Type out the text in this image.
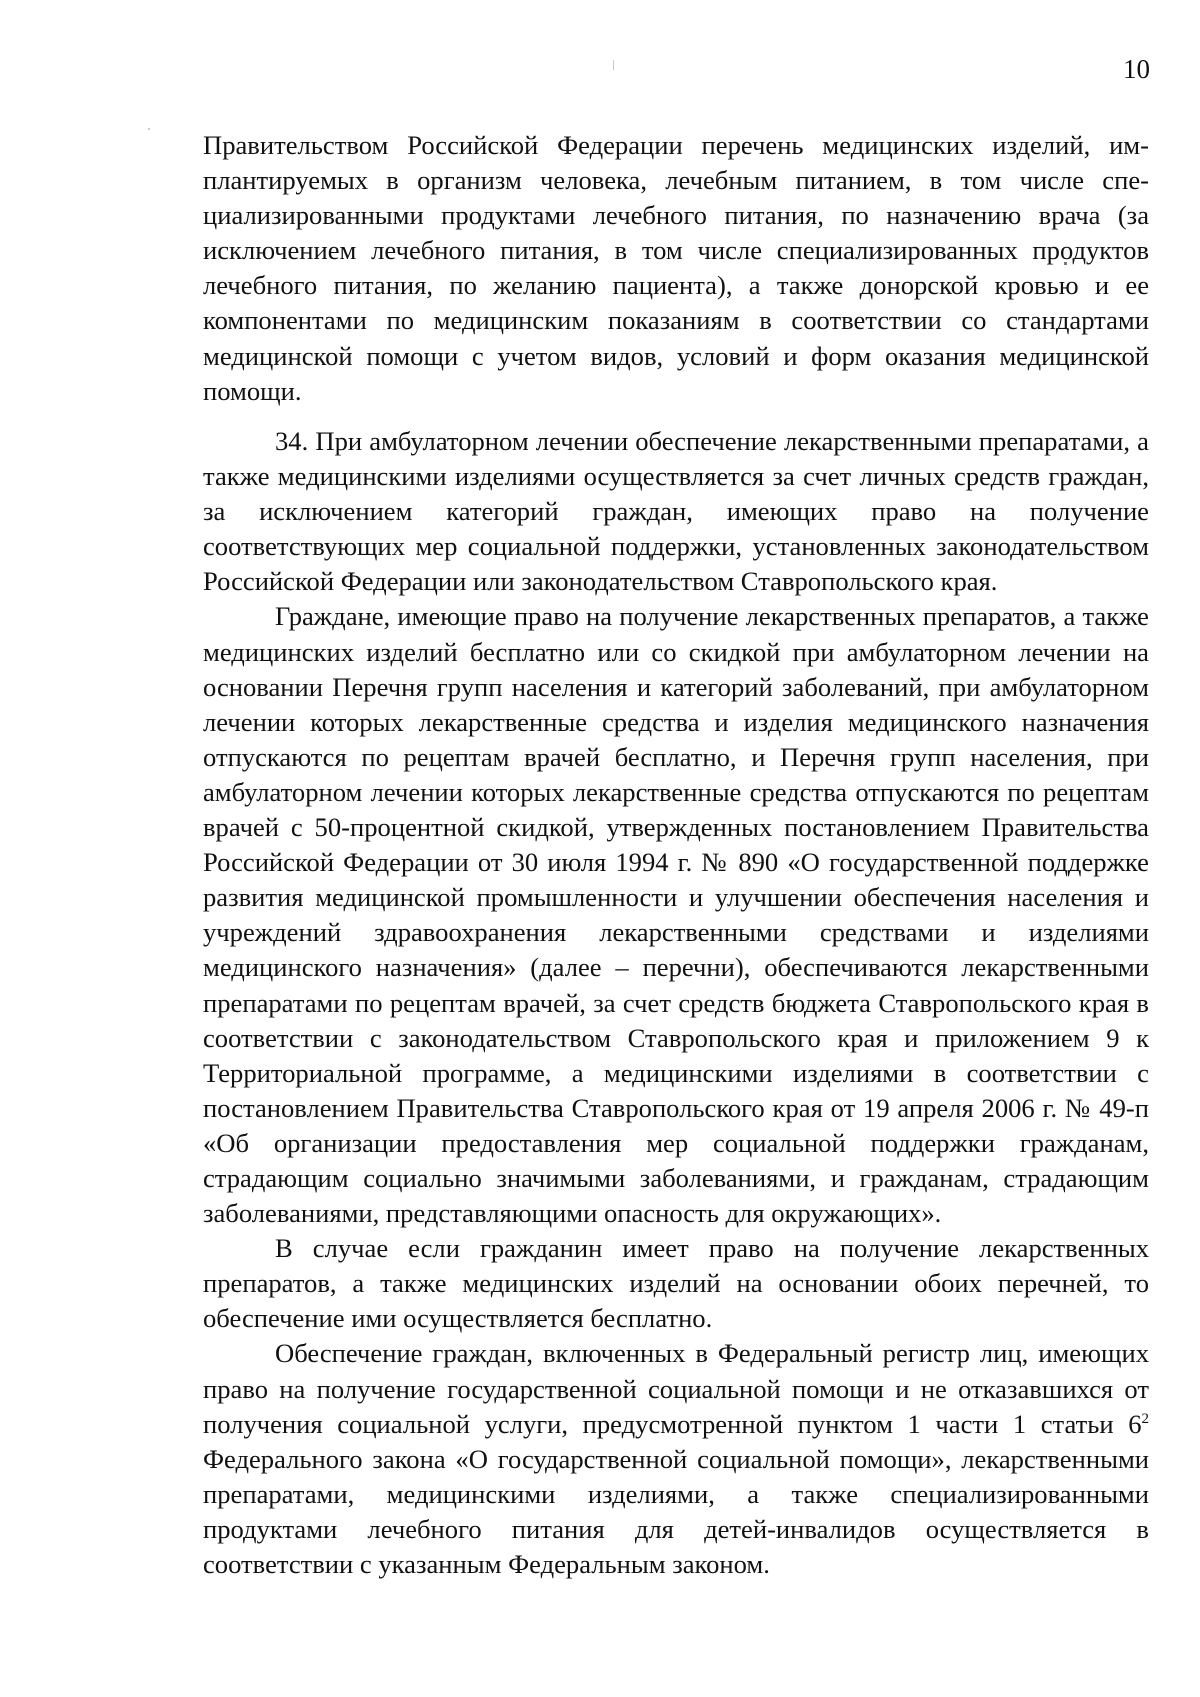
10

Правительством Российской Федерации перечень медицинских изделий, имплантируемых в организм человека, лечебным питанием, в том числе специализированными продуктами лечебного питания, по назначению врача (за исключением лечебного питания, в том числе специализированных продуктов лечебного питания, по желанию пациента), а также донорской кровью и ее компонентами по медицинским показаниям в соответствии со стандартами медицинской помощи с учетом видов, условий и форм оказания медицинской помощи.

34. При амбулаторном лечении обеспечение лекарственными препаратами, а также медицинскими изделиями осуществляется за счет личных средств граждан, за исключением категорий граждан, имеющих право на получение соответствующих мер социальной поддержки, установленных законодательством Российской Федерации или законодательством Ставропольского края.

Граждане, имеющие право на получение лекарственных препаратов, а также медицинских изделий бесплатно или со скидкой при амбулаторном лечении на основании Перечня групп населения и категорий заболеваний, при амбулаторном лечении которых лекарственные средства и изделия медицинского назначения отпускаются по рецептам врачей бесплатно, и Перечня групп населения, при амбулаторном лечении которых лекарственные средства отпускаются по рецептам врачей с 50-процентной скидкой, утвержденных постановлением Правительства Российской Федерации от 30 июля 1994 г. № 890 «О государственной поддержке развития медицинской промышленности и улучшении обеспечения населения и учреждений здравоохранения лекарственными средствами и изделиями медицинского назначения» (далее – перечни), обеспечиваются лекарственными препаратами по рецептам врачей, за счет средств бюджета Ставропольского края в соответствии с законодательством Ставропольского края и приложением 9 к Территориальной программе, а медицинскими изделиями в соответствии с постановлением Правительства Ставропольского края от 19 апреля 2006 г. № 49-п «Об организации предоставления мер социальной поддержки гражданам, страдающим социально значимыми заболеваниями, и гражданам, страдающим заболеваниями, представляющими опасность для окружающих».

В случае если гражданин имеет право на получение лекарственных препаратов, а также медицинских изделий на основании обоих перечней, то обеспечение ими осуществляется бесплатно.

Обеспечение граждан, включенных в Федеральный регистр лиц, имеющих право на получение государственной социальной помощи и не отказавшихся от получения социальной услуги, предусмотренной пунктом 1 части 1 статьи $6^2$ Федерального закона «О государственной социальной помощи», лекарственными препаратами, медицинскими изделиями, а также специализированными продуктами лечебного питания для детей-инвалидов осуществляется в соответствии с указанным Федеральным законом.
